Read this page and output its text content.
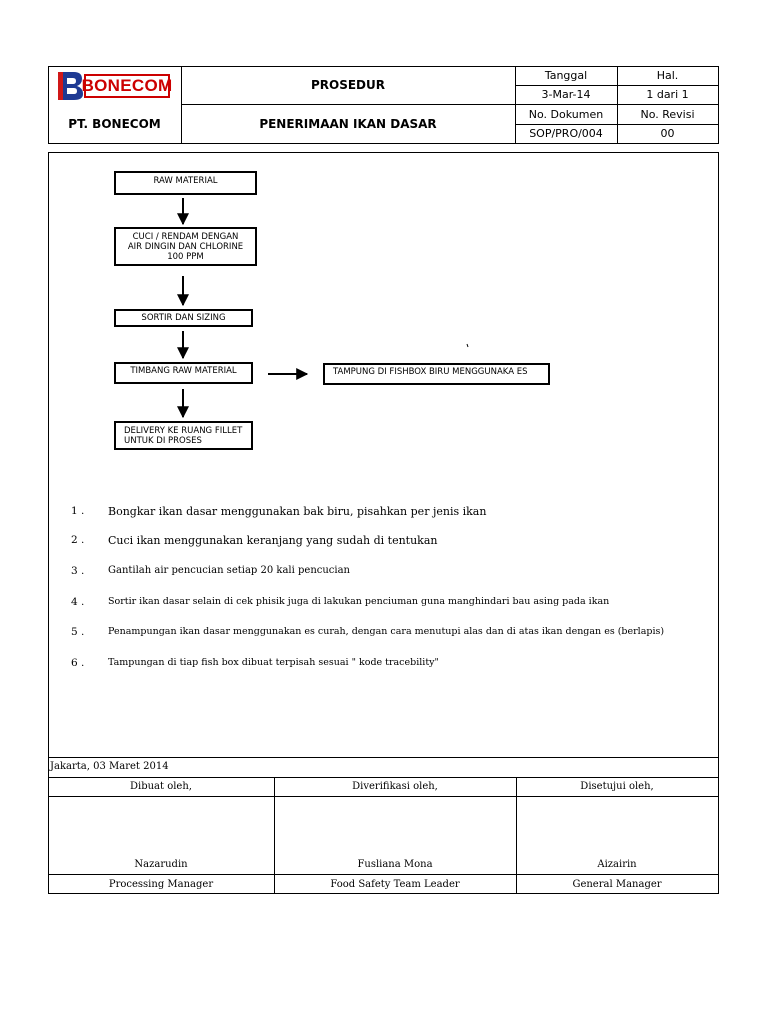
BONECOM
PT. BONECOM
PROSEDUR
PENERIMAAN IKAN DASAR
Tanggal	Hal.
3-Mar-14	1 dari 1
No. Dokumen	No. Revisi
SOP/PRO/004	00
RAW MATERIAL
CUCI / RENDAM DENGAN
AIR DINGIN DAN CHLORINE
100 PPM
SORTIR DAN SIZING
TIMBANG RAW MATERIAL	TAMPUNG DI FISHBOX BIRU MENGGUNAKA ES
DELIVERY KE RUANG FILLET
UNTUK DI PROSES
1 .	Bongkar ikan dasar menggunakan bak biru, pisahkan per jenis ikan
2 .	Cuci ikan menggunakan keranjang yang sudah di tentukan
3 .	Gantilah air pencucian setiap 20 kali pencucian
4 .	Sortir ikan dasar selain di cek phisik juga di lakukan penciuman guna manghindari bau asing pada ikan
5 .	Penampungan ikan dasar menggunakan es curah, dengan cara menutupi alas dan di atas ikan dengan es (berlapis)
6 .	Tampungan di tiap fish box dibuat terpisah sesuai " kode tracebility"
Jakarta, 03 Maret 2014
Dibuat oleh,	Diverifikasi oleh,	Disetujui oleh,
Nazarudin	Fusliana Mona	Aizairin
Processing Manager	Food Safety Team Leader	General Manager
